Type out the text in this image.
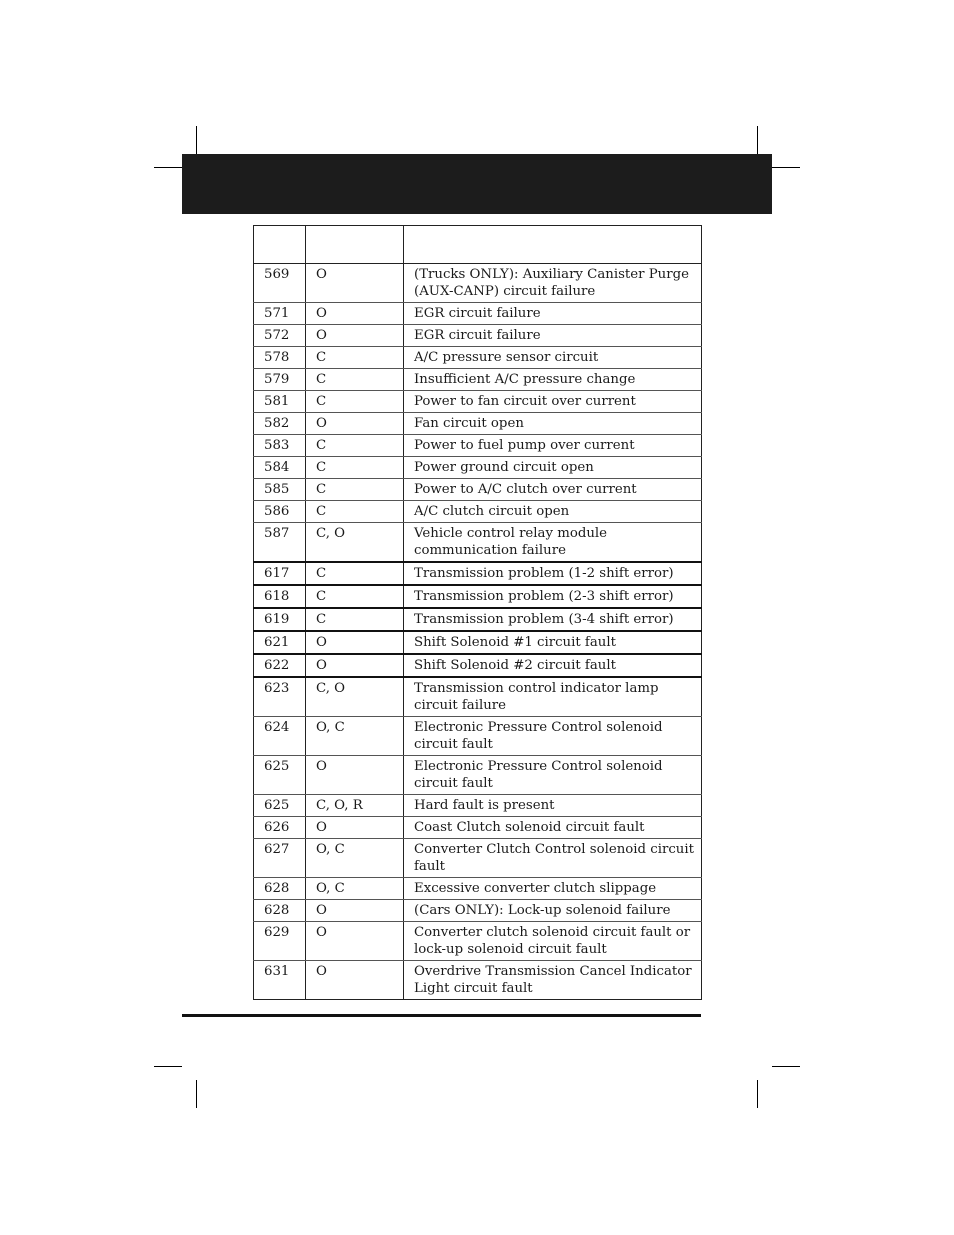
569	O	(Trucks ONLY): Auxiliary Canister Purge (AUX-CANP) circuit failure
571	O	EGR circuit failure
572	O	EGR circuit failure
578	C	A/C pressure sensor circuit
579	C	Insufficient A/C pressure change
581	C	Power to fan circuit over current
582	O	Fan circuit open
583	C	Power to fuel pump over current
584	C	Power ground circuit open
585	C	Power to A/C clutch over current
586	C	A/C clutch circuit open
587	C, O	Vehicle control relay module communication failure
617	C	Transmission problem (1-2 shift error)
618	C	Transmission problem (2-3 shift error)
619	C	Transmission problem (3-4 shift error)
621	O	Shift Solenoid #1 circuit fault
622	O	Shift Solenoid #2 circuit fault
623	C, O	Transmission control indicator lamp circuit failure
624	O, C	Electronic Pressure Control solenoid circuit fault
625	O	Electronic Pressure Control solenoid circuit fault
625	C, O, R	Hard fault is present
626	O	Coast Clutch solenoid circuit fault
627	O, C	Converter Clutch Control solenoid circuit fault
628	O, C	Excessive converter clutch slippage
628	O	(Cars ONLY): Lock-up solenoid failure
629	O	Converter clutch solenoid circuit fault or lock-up solenoid circuit fault
631	O	Overdrive Transmission Cancel Indicator Light circuit fault
